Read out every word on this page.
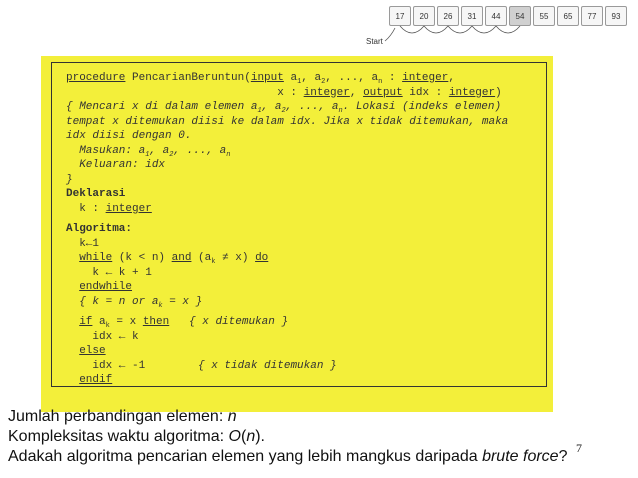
17	20	26	31	44	54	55	65	77	93
Start
procedure PencarianBeruntun(input $a_1$, $a_2$, ..., $a_n$ : integer,
x : integer, output idx : integer)
{ Mencari x di dalam elemen $a_1$, $a_2$, ..., $a_n$. Lokasi (indeks elemen)
tempat x ditemukan diisi ke dalam idx. Jika x tidak ditemukan, maka
idx diisi dengan 0.
Masukan: $a_1$, $a_2$, ..., $a_n$
Keluaran: idx
}
Deklarasi
k : integer
Algoritma:
k←1
while (k < n) and $(a_k \ne x)$ do
k ← k + 1
endwhile
{ k = n or $a_k = x$ }
if $a_k = x$ then   { x ditemukan }
idx ← k
else
idx ← -1        { x tidak ditemukan }
endif
Jumlah perbandingan elemen: n
Kompleksitas waktu algoritma: O(n).
Adakah algoritma pencarian elemen yang lebih mangkus daripada brute force? 7
